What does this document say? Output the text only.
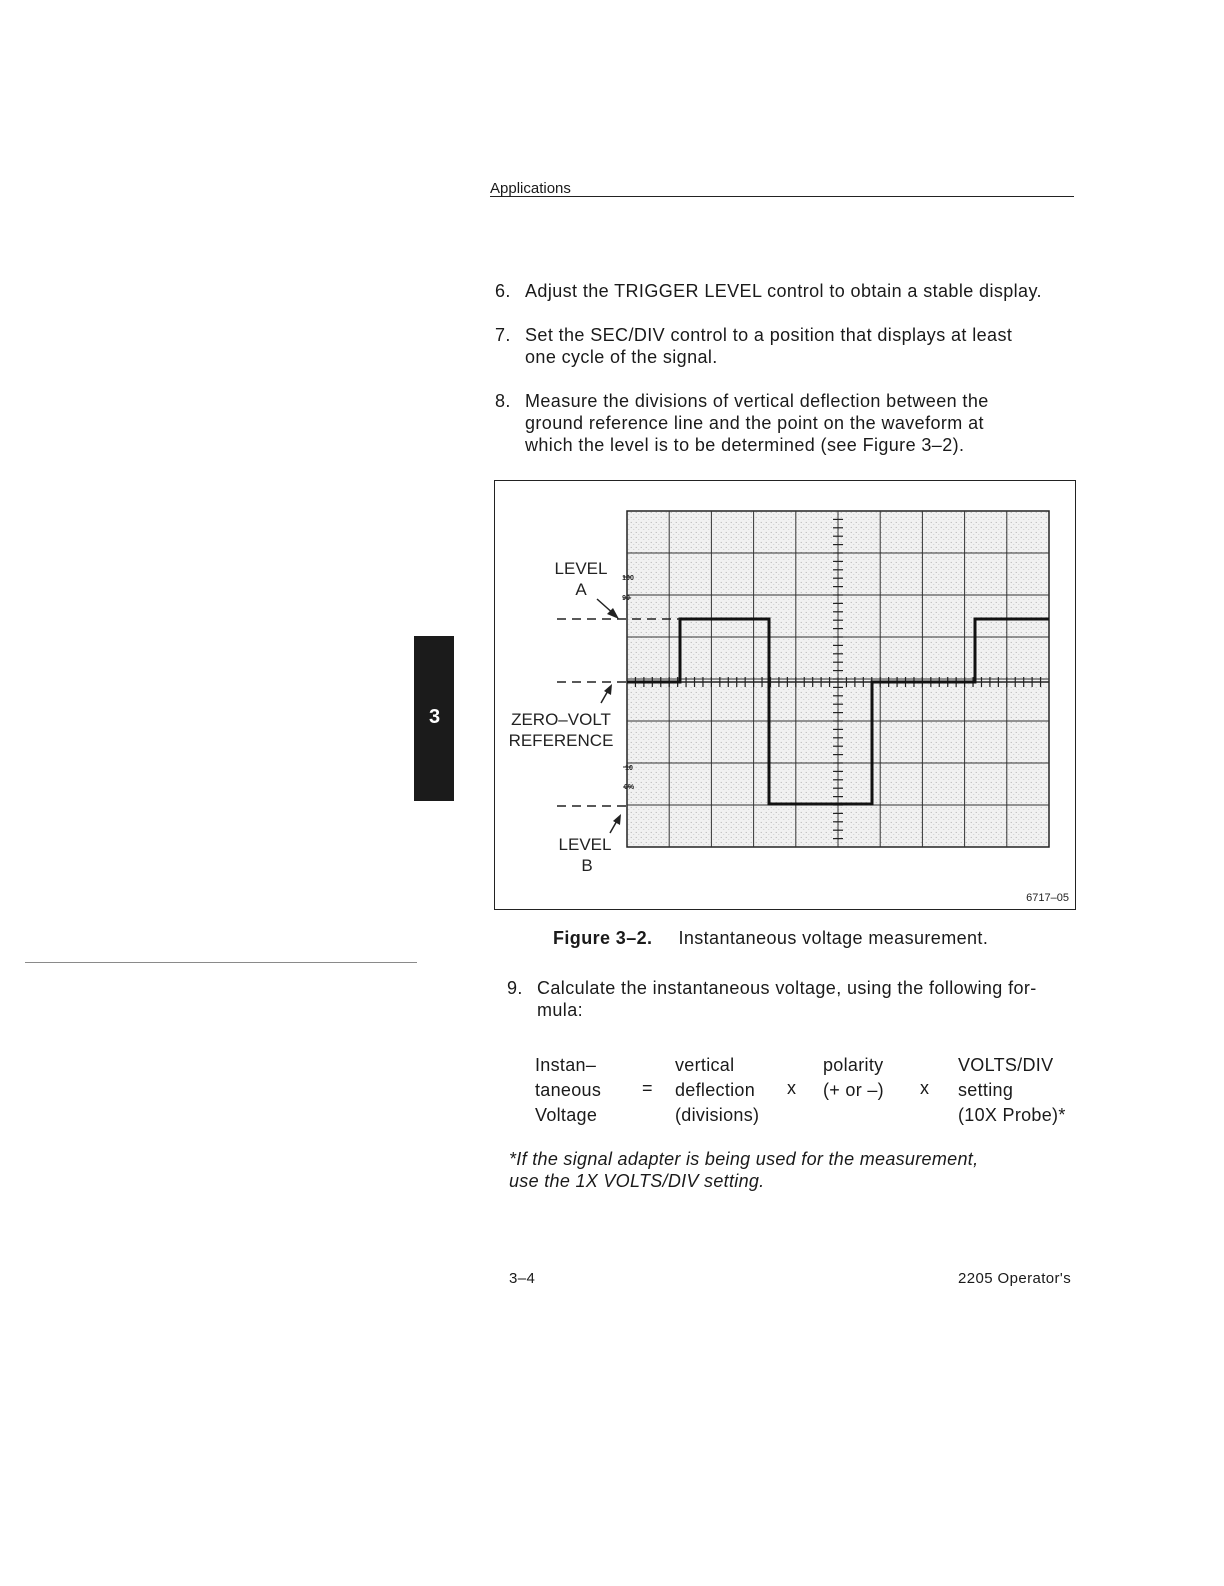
Applications
3
6. Adjust the TRIGGER LEVEL control to obtain a stable display.
7. Set the SEC/DIV control to a position that displays at least
one cycle of the signal.
8. Measure the divisions of vertical deflection between the
ground reference line and the point on the waveform at
which the level is to be determined (see Figure 3–2).
LEVEL
A
ZERO–VOLT
REFERENCE
LEVEL
B
100
90
10
0%
6717–05
Figure 3–2. Instantaneous voltage measurement.
9. Calculate the instantaneous voltage, using the following for-
mula:
Instan–
taneous
Voltage
=
vertical
deflection
(divisions)
x
polarity
(+ or –) x
VOLTS/DIV
setting
(10X Probe)*
*If the signal adapter is being used for the measurement,
use the 1X VOLTS/DIV setting.
3–4	2205 Operator's
